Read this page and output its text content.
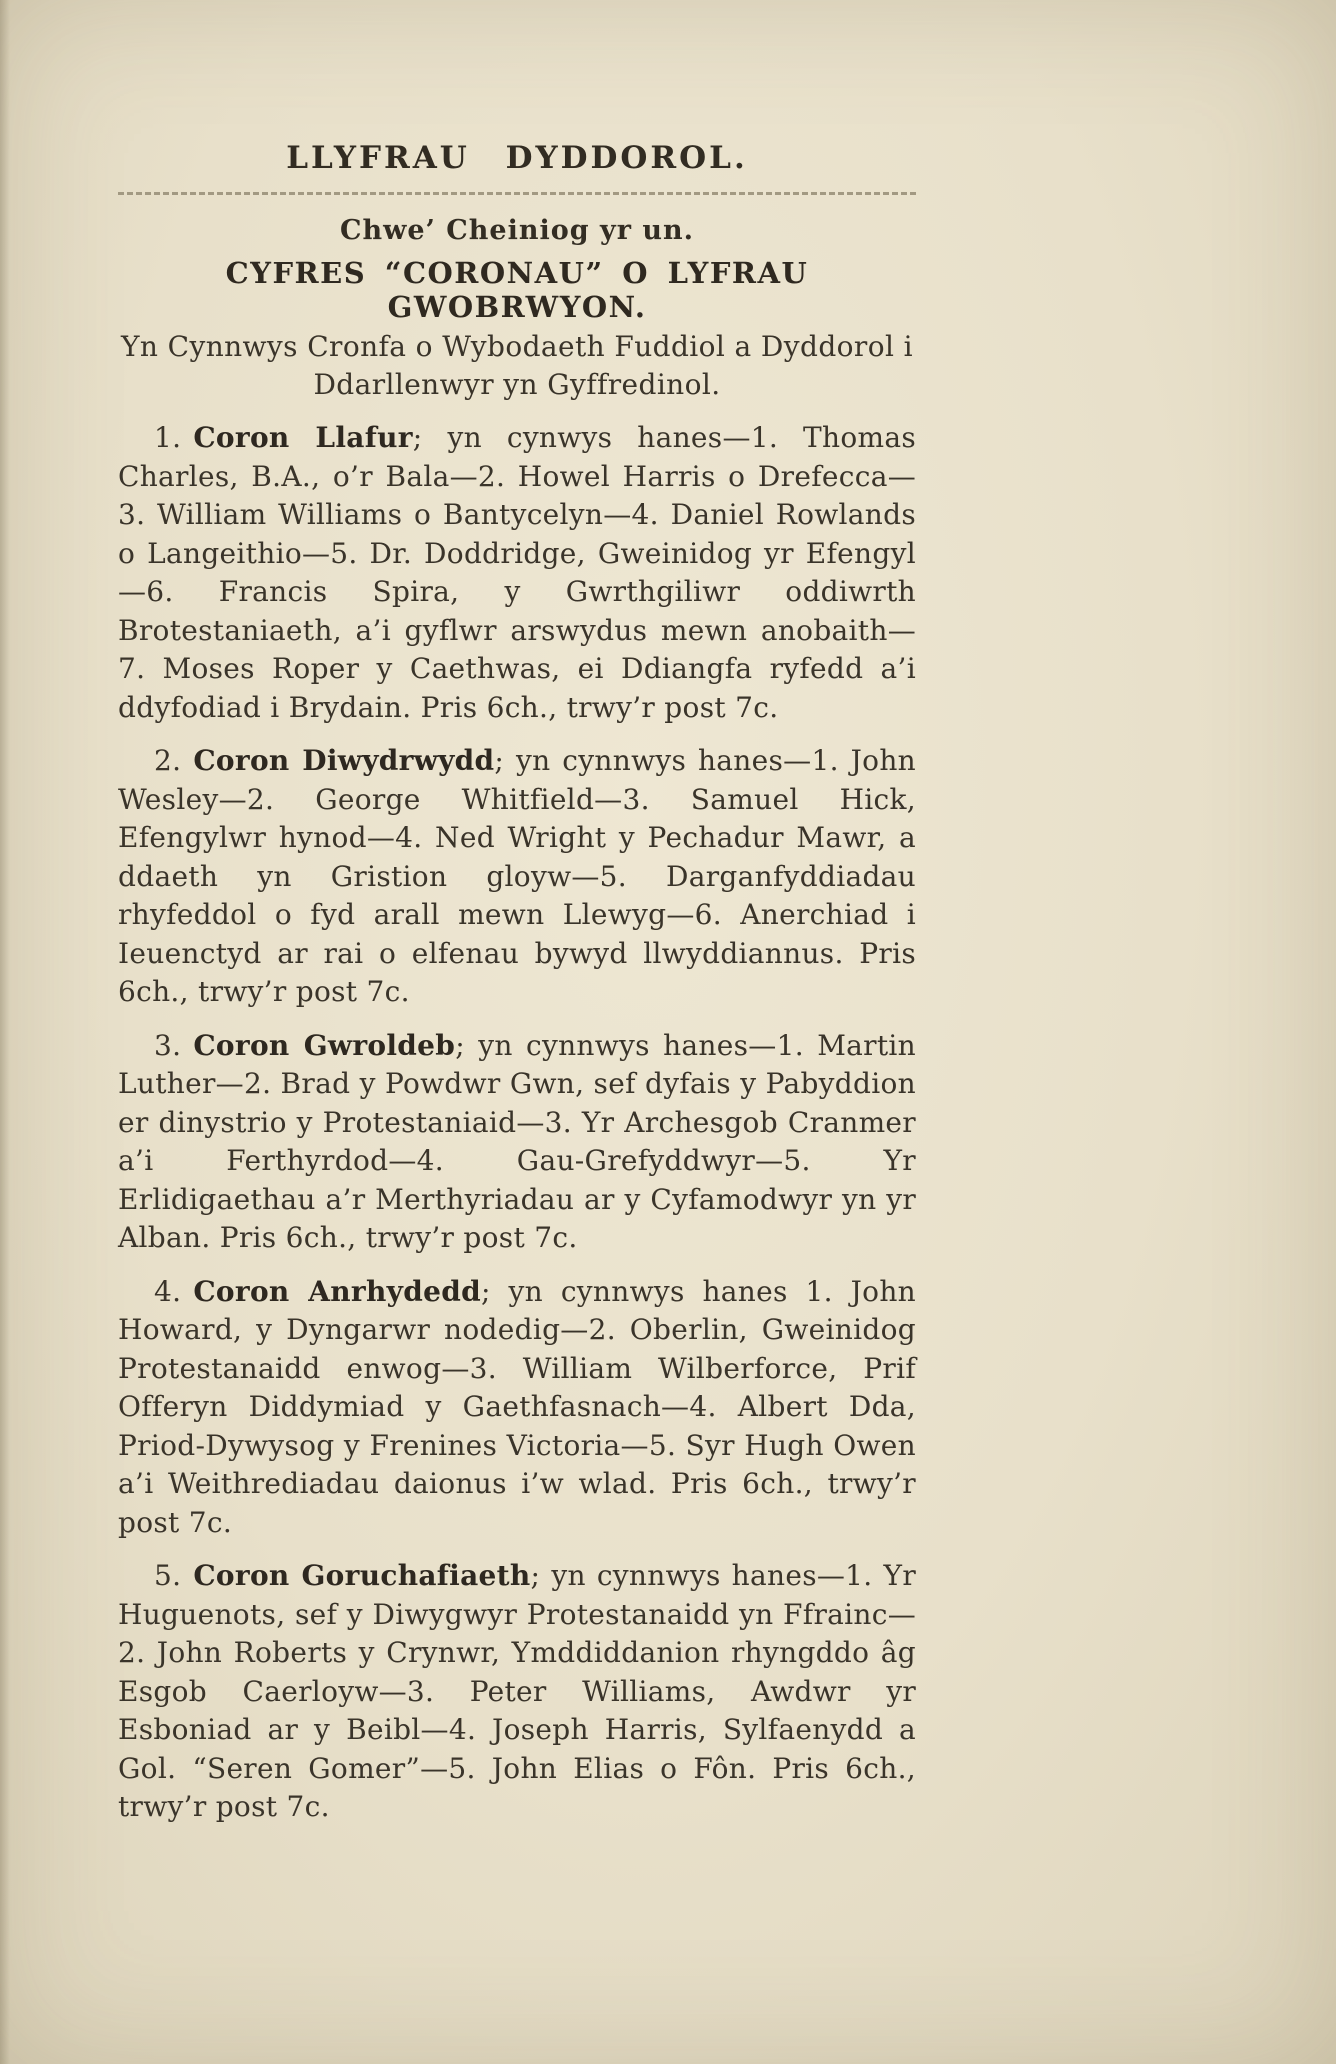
LLYFRAU DYDDOROL.
Chwe’ Cheiniog yr un.
CYFRES “CORONAU” O LYFRAU GWOBRWYON.
Yn Cynnwys Cronfa o Wybodaeth Fuddiol a Dyddorol i Ddarllenwyr yn Gyffredinol.

1. Coron Llafur; yn cynwys hanes—1. Thomas Charles, B.A., o’r Bala—2. Howel Harris o Drefecca—3. William Williams o Bantycelyn—4. Daniel Rowlands o Langeithio—5. Dr. Doddridge, Gweinidog yr Efengyl—6. Francis Spira, y Gwrthgiliwr oddiwrth Brotestaniaeth, a’i gyflwr arswydus mewn anobaith—7. Moses Roper y Caethwas, ei Ddiangfa ryfedd a’i ddyfodiad i Brydain. Pris 6ch., trwy’r post 7c.

2. Coron Diwydrwydd; yn cynnwys hanes—1. John Wesley—2. George Whitfield—3. Samuel Hick, Efengylwr hynod—4. Ned Wright y Pechadur Mawr, a ddaeth yn Gristion gloyw—5. Darganfyddiadau rhyfeddol o fyd arall mewn Llewyg—6. Anerchiad i Ieuenctyd ar rai o elfenau bywyd llwyddiannus. Pris 6ch., trwy’r post 7c.

3. Coron Gwroldeb; yn cynnwys hanes—1. Martin Luther—2. Brad y Powdwr Gwn, sef dyfais y Pabyddion er dinystrio y Protestaniaid—3. Yr Archesgob Cranmer a’i Ferthyrdod—4. Gau-Grefyddwyr—5. Yr Erlidigaethau a’r Merthyriadau ar y Cyfamodwyr yn yr Alban. Pris 6ch., trwy’r post 7c.

4. Coron Anrhydedd; yn cynnwys hanes 1. John Howard, y Dyngarwr nodedig—2. Oberlin, Gweinidog Protestanaidd enwog—3. William Wilberforce, Prif Offeryn Diddymiad y Gaethfasnach—4. Albert Dda, Priod-Dywysog y Frenines Victoria—5. Syr Hugh Owen a’i Weithrediadau daionus i’w wlad. Pris 6ch., trwy’r post 7c.

5. Coron Goruchafiaeth; yn cynnwys hanes—1. Yr Huguenots, sef y Diwygwyr Protestanaidd yn Ffrainc—2. John Roberts y Crynwr, Ymddiddanion rhyngddo âg Esgob Caerloyw—3. Peter Williams, Awdwr yr Esboniad ar y Beibl—4. Joseph Harris, Sylfaenydd a Gol. “Seren Gomer”—5. John Elias o Fôn. Pris 6ch., trwy’r post 7c.
